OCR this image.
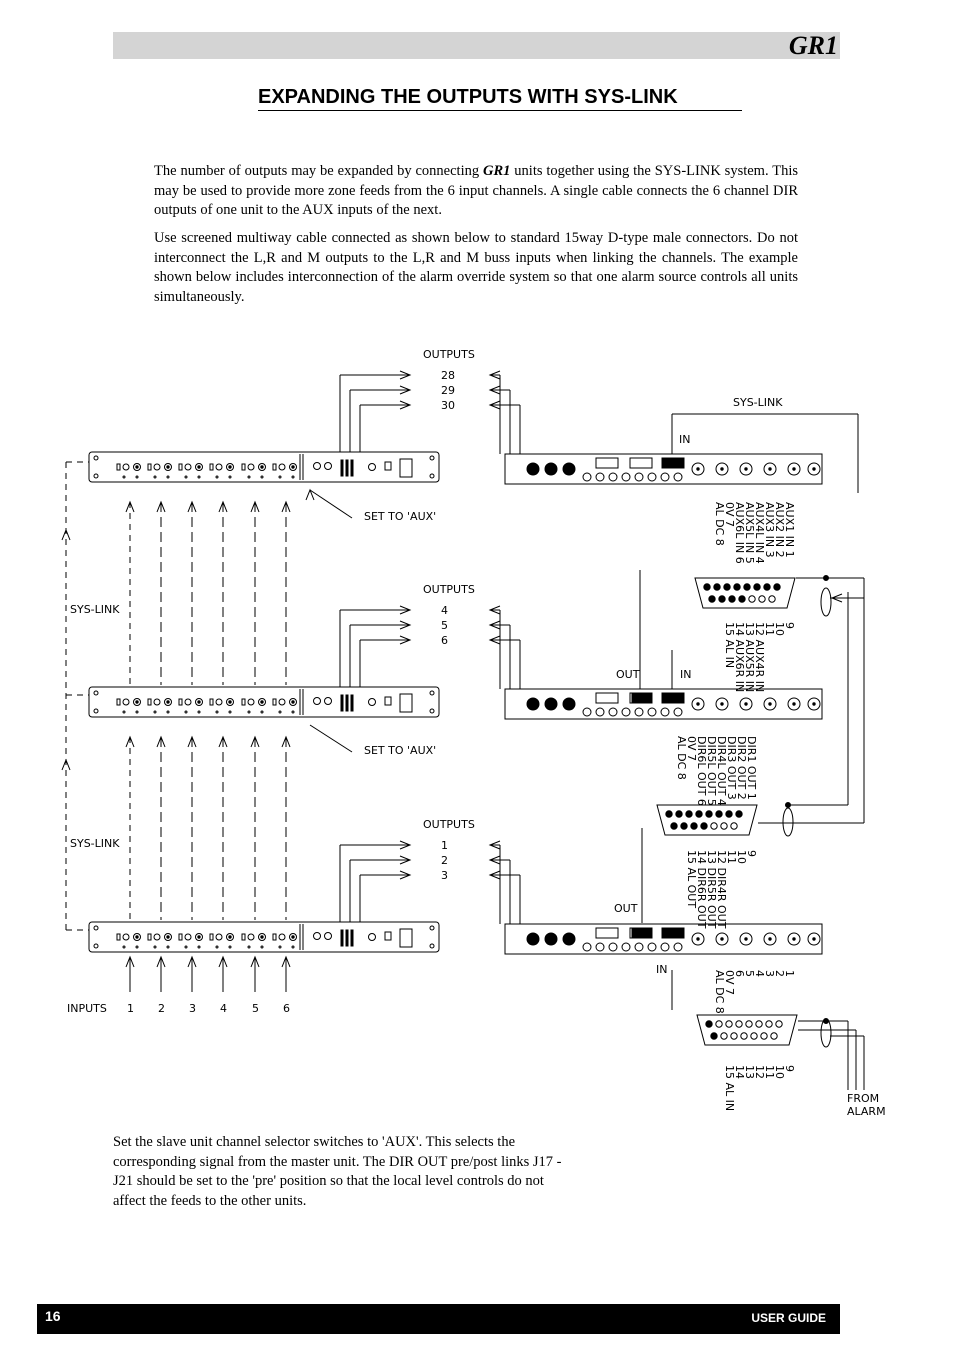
GR1
EXPANDING THE OUTPUTS WITH SYS-LINK

The number of outputs may be expanded by connecting GR1 units together using the SYS-LINK system. This may be used to provide more zone feeds from the 6 input channels. A single cable connects the 6 channel DIR outputs of one unit to the AUX inputs of the next.

Use screened multiway cable connected as shown below to standard 15way D-type male connectors. Do not interconnect the L,R and M outputs to the L,R and M buss inputs when linking the channels. The example shown below includes interconnection of the alarm override system so that one alarm source controls all units simultaneously.

OUTPUTS
OUTPUTS
OUTPUTS
28
29
30
4
5
6
1
2
3
SYS-LINK
SYS-LINK
SYS-LINK
SET TO 'AUX'
SET TO 'AUX'
IN
IN
OUT
OUT
IN
INPUTS 1 2 3 4 5 6
FROM
ALARM
AUX1 IN 1
AUX2 IN 2
AUX3 IN 3
AUX4L IN 4
AUX5L IN 5
AUX6L IN 6
0V 7
AL DC 8
9
10
11
12 AUX4R IN
13 AUX5R IN
14 AUX6R IN
15 AL IN
DIR1 OUT 1
DIR2 OUT 2
DIR3 OUT 3
DIR4L OUT 4
DIR5L OUT 5
DIR6L OUT 6
0V 7
AL DC 8
9
10
11
12 DIR4R OUT
13 DIR5R OUT
14 DIR6R OUT
15 AL OUT
1
2
3
4
5
6
0V 7
AL DC 8
9
10
11
12
13
14
15 AL IN

Set the slave unit channel selector switches to 'AUX'. This selects the corresponding signal from the master unit. The DIR OUT pre/post links J17 - J21 should be set to the 'pre' position so that the local level controls do not affect the feeds to the other units.

16	USER GUIDE
